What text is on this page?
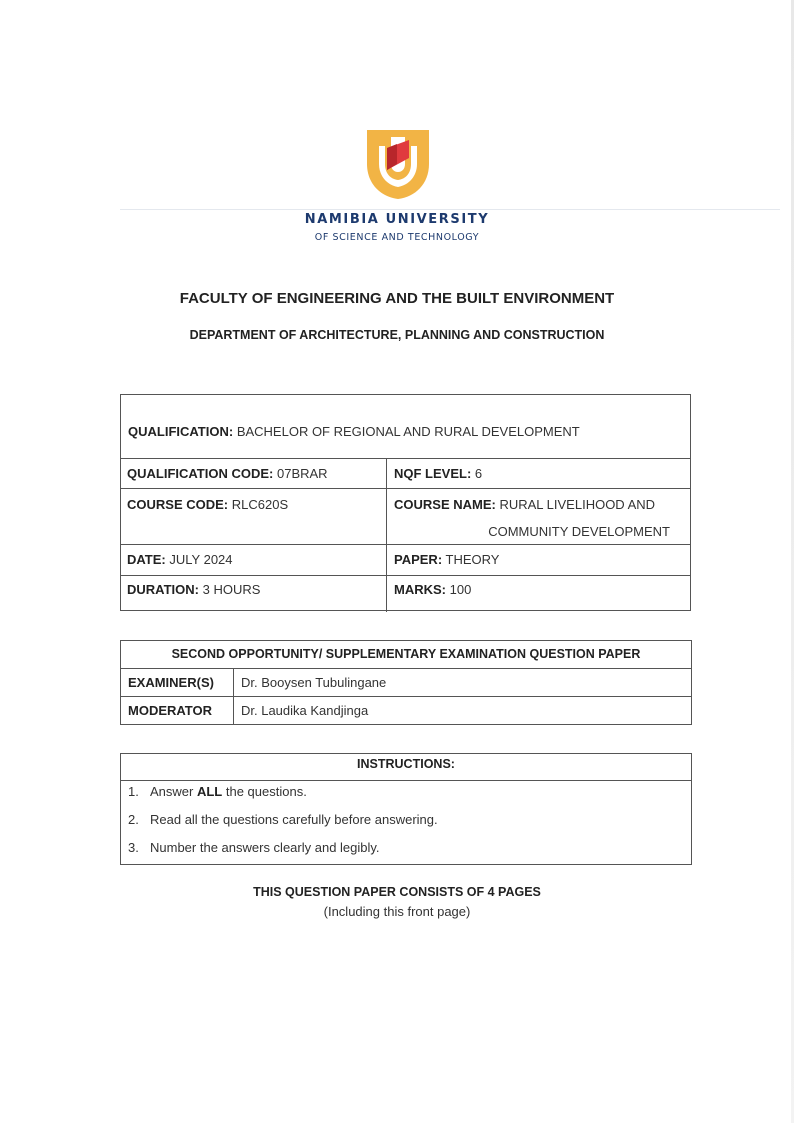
NAMIBIA UNIVERSITY
OF SCIENCE AND TECHNOLOGY
FACULTY OF ENGINEERING AND THE BUILT ENVIRONMENT
DEPARTMENT OF ARCHITECTURE, PLANNING AND CONSTRUCTION
QUALIFICATION: BACHELOR OF REGIONAL AND RURAL DEVELOPMENT
QUALIFICATION CODE: 07BRAR	NQF LEVEL: 6
COURSE CODE: RLC620S	COURSE NAME: RURAL LIVELIHOOD AND
COMMUNITY DEVELOPMENT

DATE: JULY 2024	PAPER: THEORY
DURATION: 3 HOURS	MARKS: 100
SECOND OPPORTUNITY/ SUPPLEMENTARY EXAMINATION QUESTION PAPER	
EXAMINER(S)	Dr. Booysen Tubulingane
MODERATOR	Dr. Laudika Kandjinga
INSTRUCTIONS:
1. Answer ALL the questions.
2. Read all the questions carefully before answering.
3. Number the answers clearly and legibly.
THIS QUESTION PAPER CONSISTS OF 4 PAGES
(Including this front page)
